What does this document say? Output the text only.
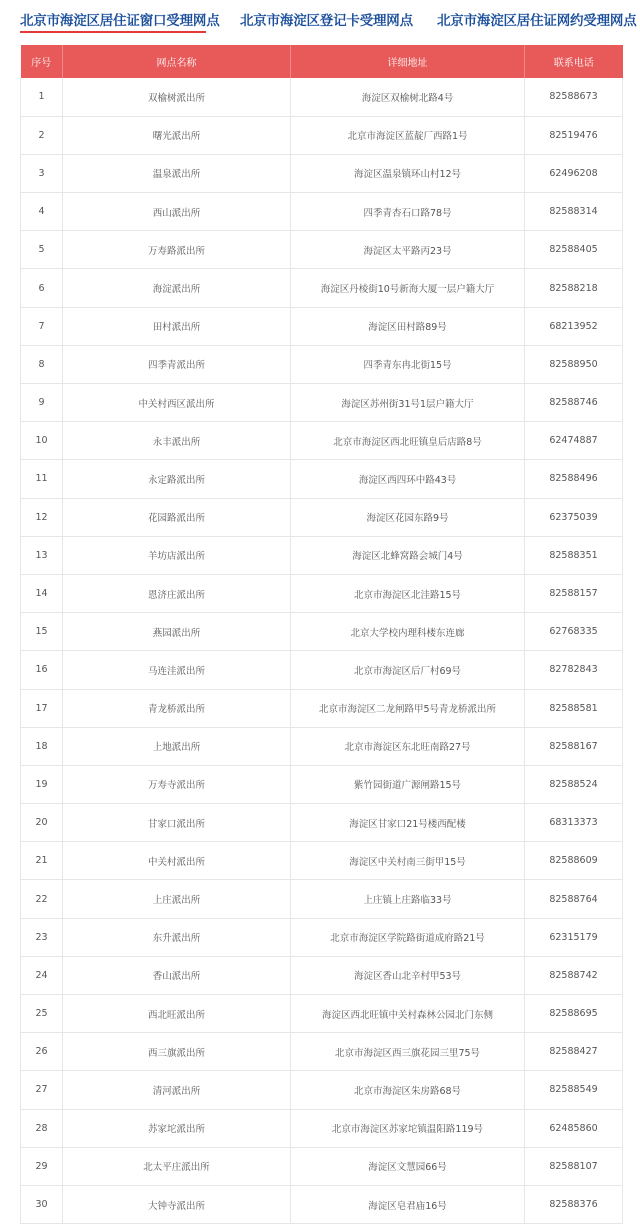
北京市海淀区居住证窗口受理网点 北京市海淀区登记卡受理网点 北京市海淀区居住证网约受理网点
序号	网点名称	详细地址	联系电话
1	双榆树派出所	海淀区双榆树北路4号	82588673
2	曙光派出所	北京市海淀区蓝靛厂西路1号	82519476
3	温泉派出所	海淀区温泉镇环山村12号	62496208
4	西山派出所	四季青杏石口路78号	82588314
5	万寿路派出所	海淀区太平路丙23号	82588405
6	海淀派出所	海淀区丹棱街10号新海大厦一层户籍大厅	82588218
7	田村派出所	海淀区田村路89号	68213952
8	四季青派出所	四季青东冉北街15号	82588950
9	中关村西区派出所	海淀区苏州街31号1层户籍大厅	82588746
10	永丰派出所	北京市海淀区西北旺镇皇后店路8号	62474887
11	永定路派出所	海淀区西四环中路43号	82588496
12	花园路派出所	海淀区花园东路9号	62375039
13	羊坊店派出所	海淀区北蜂窝路会城门4号	82588351
14	恩济庄派出所	北京市海淀区北洼路15号	82588157
15	燕园派出所	北京大学校内理科楼东连廊	62768335
16	马连洼派出所	北京市海淀区后厂村69号	82782843
17	青龙桥派出所	北京市海淀区二龙闸路甲5号青龙桥派出所	82588581
18	上地派出所	北京市海淀区东北旺南路27号	82588167
19	万寿寺派出所	紫竹园街道广源闸路15号	82588524
20	甘家口派出所	海淀区甘家口21号楼西配楼	68313373
21	中关村派出所	海淀区中关村南三街甲15号	82588609
22	上庄派出所	上庄镇上庄路临33号	82588764
23	东升派出所	北京市海淀区学院路街道成府路21号	62315179
24	香山派出所	海淀区香山北辛村甲53号	82588742
25	西北旺派出所	海淀区西北旺镇中关村森林公园北门东侧	82588695
26	西三旗派出所	北京市海淀区西三旗花园三里75号	82588427
27	清河派出所	北京市海淀区朱房路68号	82588549
28	苏家坨派出所	北京市海淀区苏家坨镇温阳路119号	62485860
29	北太平庄派出所	海淀区文慧园66号	82588107
30	大钟寺派出所	海淀区皂君庙16号	82588376
